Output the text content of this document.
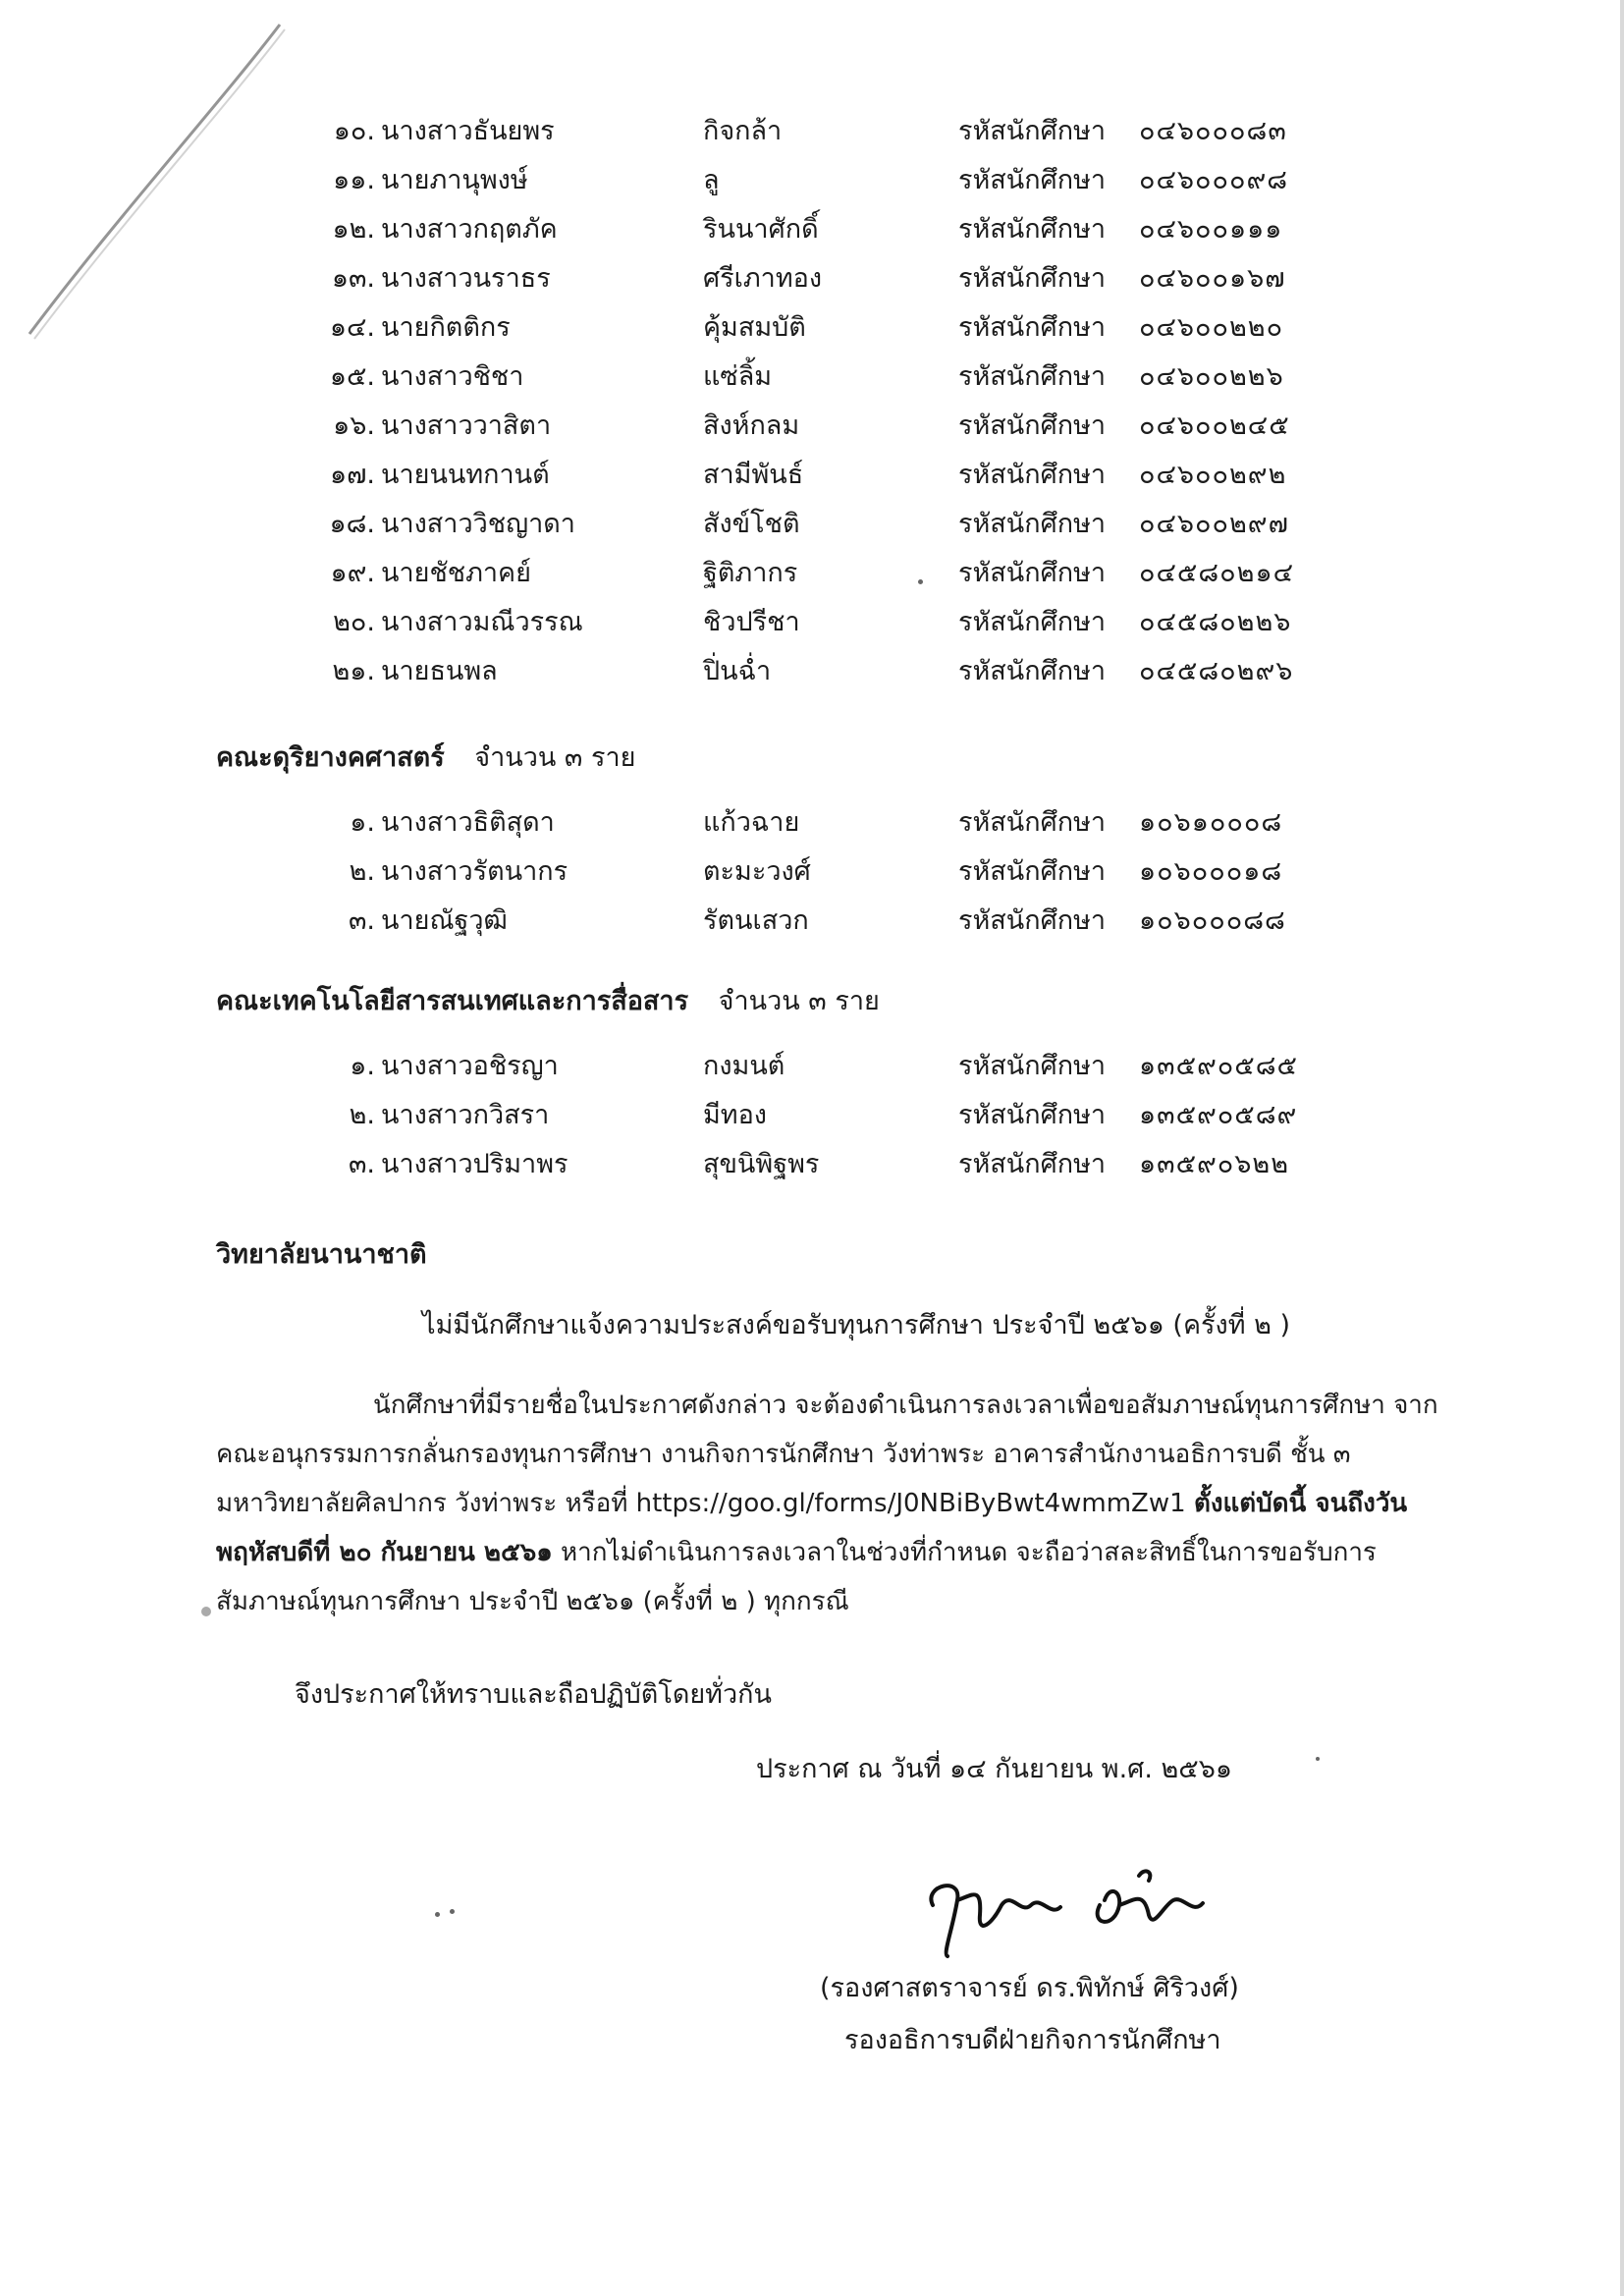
๑๐. นางสาวธันยพร	กิจกล้า	รหัสนักศึกษา ๐๔๖๐๐๐๘๓
๑๑. นายภานุพงษ์	ลู	รหัสนักศึกษา ๐๔๖๐๐๐๙๘
๑๒. นางสาวกฤตภัค	รินนาศักดิ์	รหัสนักศึกษา ๐๔๖๐๐๑๑๑
๑๓. นางสาวนราธร	ศรีเภาทอง	รหัสนักศึกษา ๐๔๖๐๐๑๖๗
๑๔. นายกิตติกร	คุ้มสมบัติ	รหัสนักศึกษา ๐๔๖๐๐๒๒๐
๑๕. นางสาวชิชา	แซ่ลิ้ม	รหัสนักศึกษา ๐๔๖๐๐๒๒๖
๑๖. นางสาววาสิตา	สิงห์กลม	รหัสนักศึกษา ๐๔๖๐๐๒๔๕
๑๗. นายนนทกานต์	สามีพันธ์	รหัสนักศึกษา ๐๔๖๐๐๒๙๒
๑๘. นางสาววิชญาดา	สังข์โชติ	รหัสนักศึกษา ๐๔๖๐๐๒๙๗
๑๙. นายชัชภาคย์	ฐิติภากร	รหัสนักศึกษา ๐๔๕๘๐๒๑๔
๒๐. นางสาวมณีวรรณ	ชิวปรีชา	รหัสนักศึกษา ๐๔๕๘๐๒๒๖
๒๑. นายธนพล	ปิ่นฉ่ำ	รหัสนักศึกษา ๐๔๕๘๐๒๙๖
คณะดุริยางคศาสตร์ จำนวน ๓ ราย
๑. นางสาวธิติสุดา	แก้วฉาย	รหัสนักศึกษา ๑๐๖๑๐๐๐๘
๒. นางสาวรัตนากร	ตะมะวงศ์	รหัสนักศึกษา ๑๐๖๐๐๐๑๘
๓. นายณัฐวุฒิ	รัตนเสวก	รหัสนักศึกษา ๑๐๖๐๐๐๘๘
คณะเทคโนโลยีสารสนเทศและการสื่อสาร จำนวน ๓ ราย
๑. นางสาวอชิรญา	กงมนต์	รหัสนักศึกษา ๑๓๕๙๐๕๘๕
๒. นางสาวกวิสรา	มีทอง	รหัสนักศึกษา ๑๓๕๙๐๕๘๙
๓. นางสาวปริมาพร	สุขนิพิฐพร	รหัสนักศึกษา ๑๓๕๙๐๖๒๒
วิทยาลัยนานาชาติ
ไม่มีนักศึกษาแจ้งความประสงค์ขอรับทุนการศึกษา ประจำปี ๒๕๖๑ (ครั้งที่ ๒ )
นักศึกษาที่มีรายชื่อในประกาศดังกล่าว จะต้องดำเนินการลงเวลาเพื่อขอสัมภาษณ์ทุนการศึกษา จากคณะอนุกรรมการกลั่นกรองทุนการศึกษา งานกิจการนักศึกษา วังท่าพระ อาคารสำนักงานอธิการบดี ชั้น ๓ มหาวิทยาลัยศิลปากร วังท่าพระ หรือที่ https://goo.gl/forms/J0NBiByBwt4wmmZw1 ตั้งแต่บัดนี้ จนถึงวันพฤหัสบดีที่ ๒๐ กันยายน ๒๕๖๑ หากไม่ดำเนินการลงเวลาในช่วงที่กำหนด จะถือว่าสละสิทธิ์ในการขอรับการสัมภาษณ์ทุนการศึกษา ประจำปี ๒๕๖๑ (ครั้งที่ ๒ ) ทุกกรณี
จึงประกาศให้ทราบและถือปฏิบัติโดยทั่วกัน
ประกาศ ณ วันที่ ๑๔ กันยายน พ.ศ. ๒๕๖๑
(รองศาสตราจารย์ ดร.พิทักษ์ ศิริวงศ์)
รองอธิการบดีฝ่ายกิจการนักศึกษา
